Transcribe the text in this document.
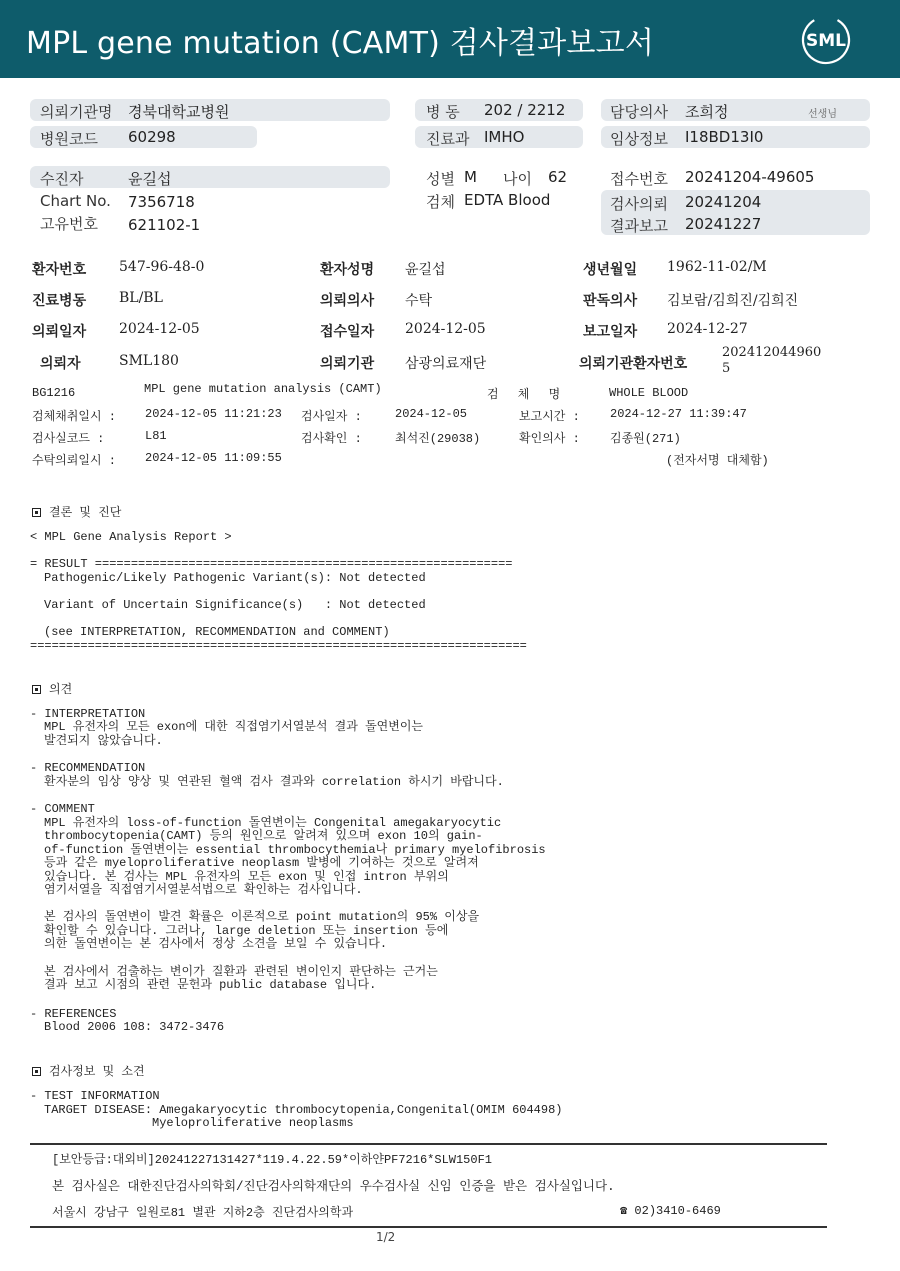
MPL gene mutation (CAMT) 검사결과보고서	SML
의뢰기관명 경북대학교병원
병원코드 60298
병 동 202 / 2212
진료과 IMHO
담당의사 조희정	선생님
임상정보 I18BD13I0
수진자	윤길섭
Chart No. 7356718
고유번호 621102-1
성별 M 나이 62
검체 EDTA Blood
접수번호 20241204-49605
검사의뢰 20241204
결과보고 20241227
환자번호 547-96-48-0	환자성명 윤길섭	생년월일 1962-11-02/M
진료병동 BL/BL	의뢰의사 수탁	판독의사 김보람/김희진/김희진
의뢰일자 2024-12-05	접수일자 2024-12-05	보고일자 2024-12-27
의뢰자	SML180	의뢰기관 삼광의료재단	의뢰기관환자번호
202412044960
5
BG1216	MPL gene mutation analysis (CAMT)	검 체 명	WHOLE BLOOD
검체채취일시 : 2024-12-05 11:21:23 검사일자 :	2024-12-05	보고시간 :	2024-12-27 11:39:47
검사실코드 :	L81	검사확인 :	최석진(29038)	확인의사 :	김종원(271)
수탁의뢰일시 : 2024-12-05 11:09:55	(전자서명 대체함)
결론 및 진단
< MPL Gene Analysis Report >
= RESULT ==========================================================
Pathogenic/Likely Pathogenic Variant(s): Not detected
Variant of Uncertain Significance(s)   : Not detected
(see INTERPRETATION, RECOMMENDATION and COMMENT)
=====================================================================
의견
- INTERPRETATION
MPL 유전자의 모든 exon에 대한 직접염기서열분석 결과 돌연변이는
발견되지 않았습니다.
- RECOMMENDATION
환자분의 임상 양상 및 연관된 혈액 검사 결과와 correlation 하시기 바랍니다.
- COMMENT
MPL 유전자의 loss-of-function 돌연변이는 Congenital amegakaryocytic
thrombocytopenia(CAMT) 등의 원인으로 알려져 있으며 exon 10의 gain-
of-function 돌연변이는 essential thrombocythemia나 primary myelofibrosis
등과 같은 myeloproliferative neoplasm 발병에 기여하는 것으로 알려져
있습니다. 본 검사는 MPL 유전자의 모든 exon 및 인접 intron 부위의
염기서열을 직접염기서열분석법으로 확인하는 검사입니다.
본 검사의 돌연변이 발견 확률은 이론적으로 point mutation의 95% 이상을
확인할 수 있습니다. 그러나, large deletion 또는 insertion 등에
의한 돌연변이는 본 검사에서 정상 소견을 보일 수 있습니다.
본 검사에서 검출하는 변이가 질환과 관련된 변이인지 판단하는 근거는
결과 보고 시점의 관련 문헌과 public database 입니다.
- REFERENCES
Blood 2006 108: 3472-3476
검사정보 및 소견
- TEST INFORMATION
TARGET DISEASE: Amegakaryocytic thrombocytopenia,Congenital(OMIM 604498)
Myeloproliferative neoplasms
[보안등급:대외비]20241227131427*119.4.22.59*이하얀PF7216*SLW150F1
본 검사실은 대한진단검사의학회/진단검사의학재단의 우수검사실 신임 인증을 받은 검사실입니다.
서울시 강남구 일원로81 별관 지하2층 진단검사의학과	☎ 02)3410-6469
1/2
